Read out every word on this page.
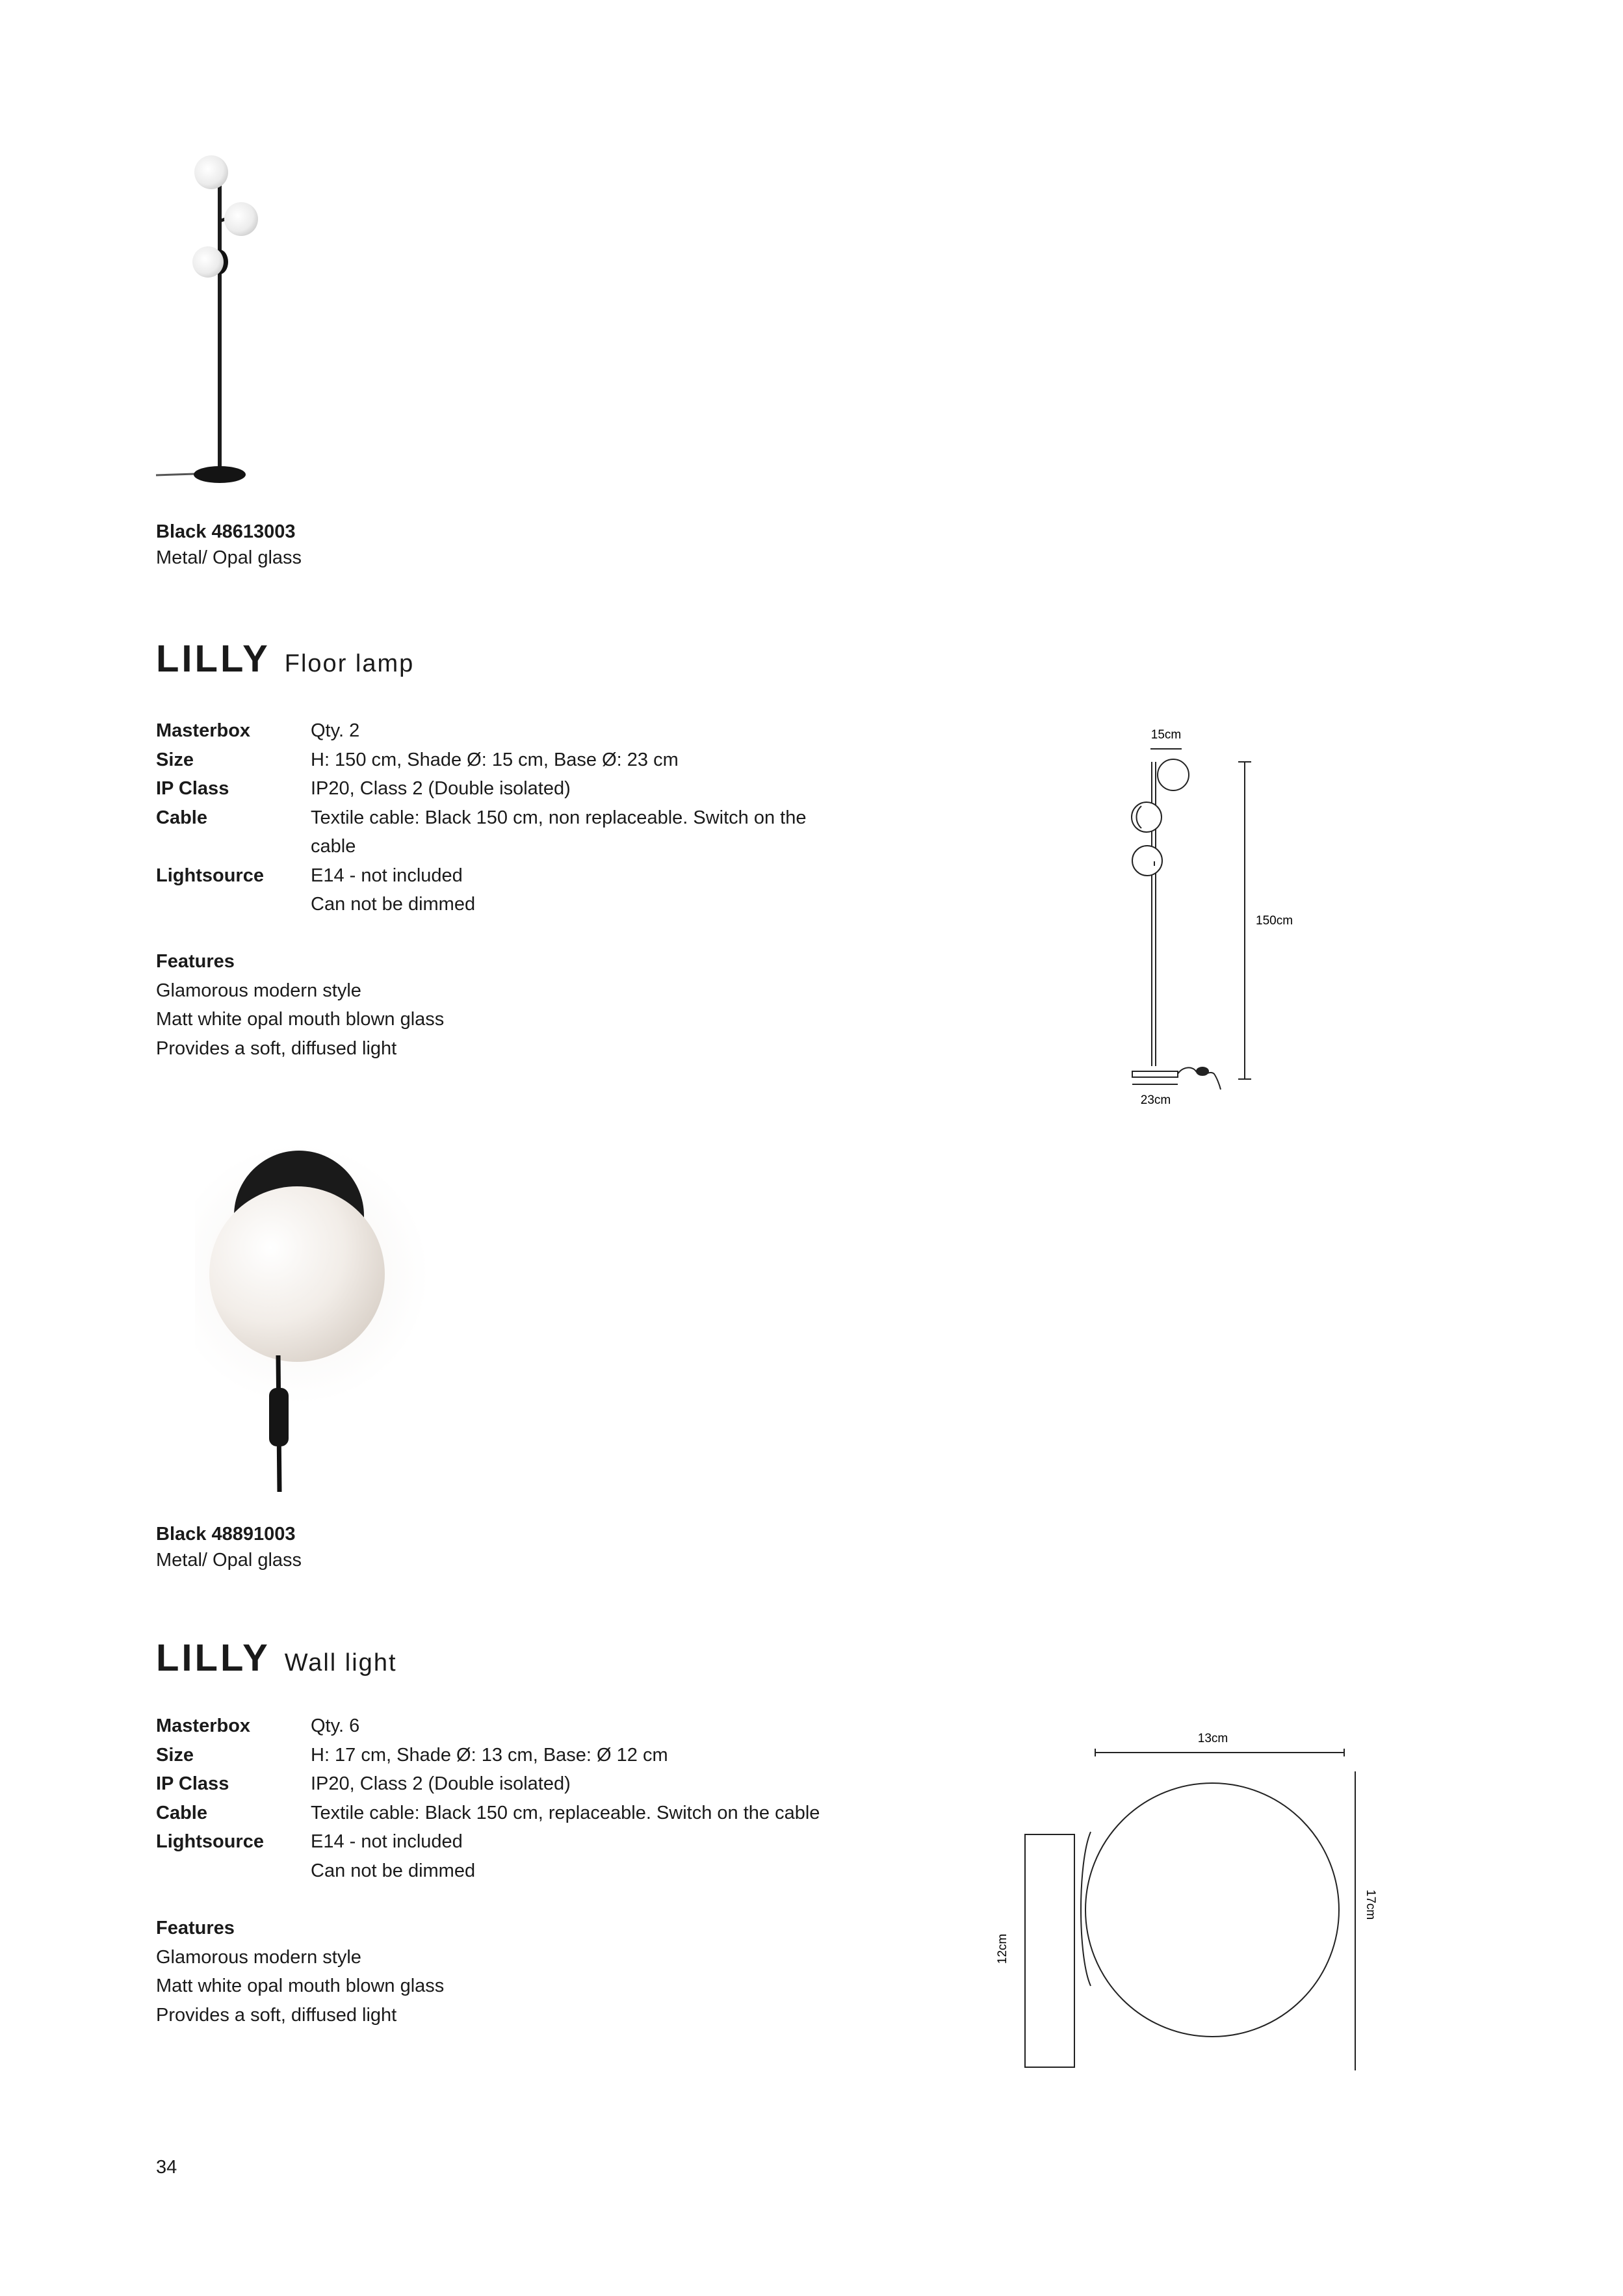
Black 48613003
Metal/ Opal glass
LILLY Floor lamp
Masterbox	Qty. 2
Size	H: 150 cm, Shade Ø: 15 cm, Base Ø: 23 cm
IP Class	IP20, Class 2 (Double isolated)
Cable	Textile cable: Black 150 cm, non replaceable. Switch on the
cable
Lightsource	E14 - not included
Can not be dimmed
Features
Glamorous modern style
Matt white opal mouth blown glass
Provides a soft, diffused light
15cm
150cm
23cm
Black 48891003
Metal/ Opal glass
LILLY Wall light
Masterbox	Qty. 6
Size	H: 17 cm, Shade Ø: 13 cm, Base: Ø 12 cm
IP Class	IP20, Class 2 (Double isolated)
Cable	Textile cable: Black 150 cm, replaceable. Switch on the cable
Lightsource	E14 - not included
Can not be dimmed
Features
Glamorous modern style
Matt white opal mouth blown glass
Provides a soft, diffused light
13cm
17cm
12cm
34
